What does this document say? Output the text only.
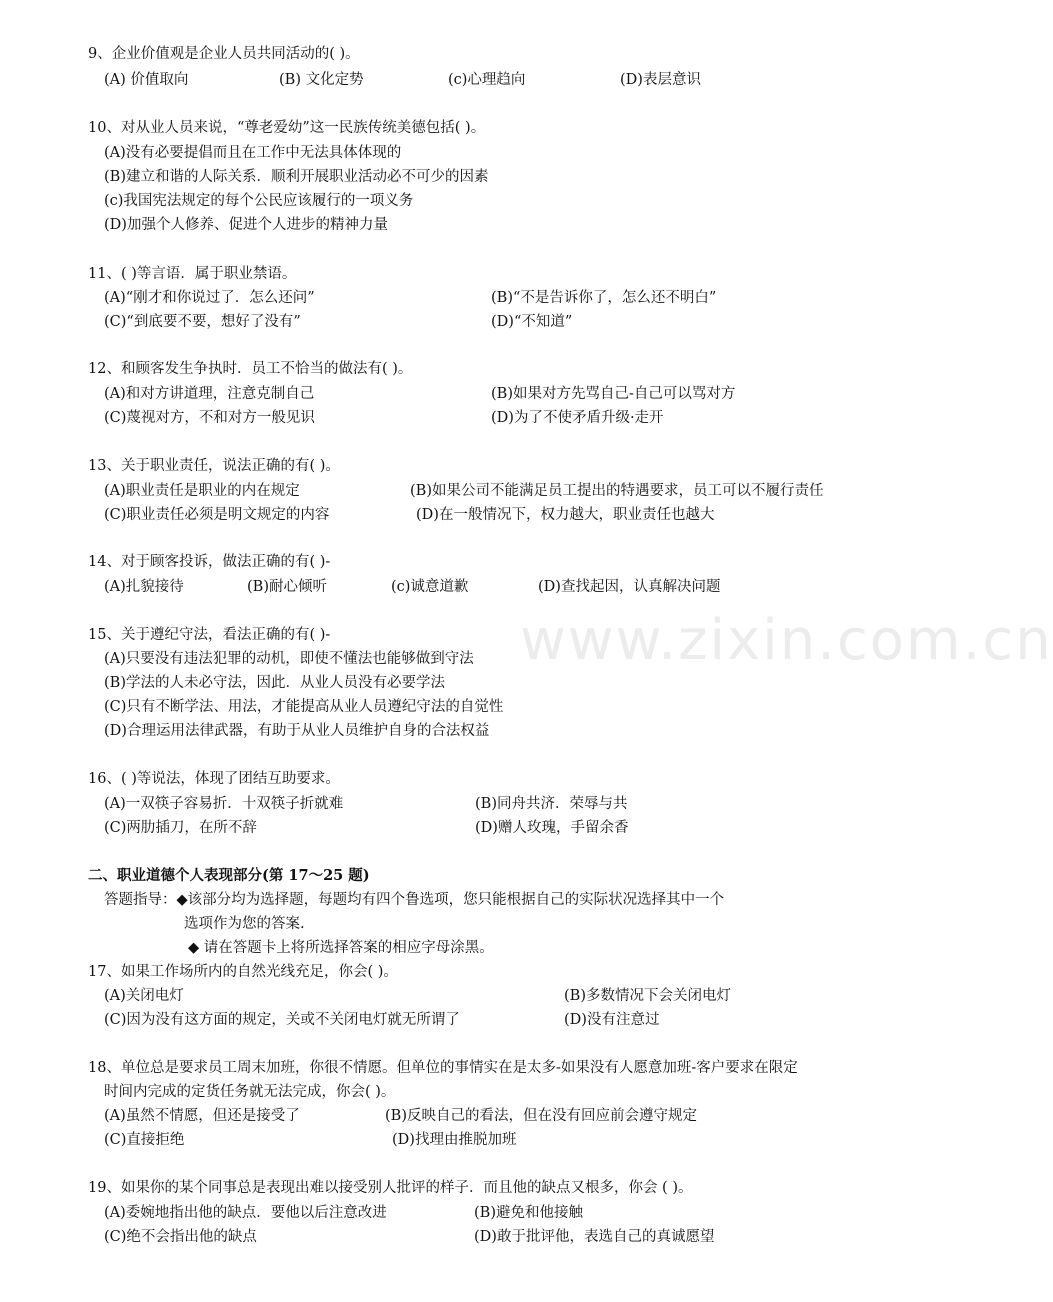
www.zixin.com.cn
9、企业价值观是企业人员共同活动的( )。
(A) 价值取向	(B) 文化定势	(c)心理趋向	(D)表层意识
10、对从业人员来说，“尊老爱幼”这一民族传统美德包括( )。
(A)没有必要提倡而且在工作中无法具体体现的
(B)建立和谐的人际关系．顺利开展职业活动必不可少的因素
(c)我国宪法规定的每个公民应该履行的一项义务
(D)加强个人修养、促进个人进步的精神力量
11、( )等言语．属于职业禁语。
(A)“刚才和你说过了．怎么还问”	(B)“不是告诉你了，怎么还不明白”
(C)“到底要不要，想好了没有”	(D)“不知道”
12、和顾客发生争执时．员工不恰当的做法有( )。
(A)和对方讲道理，注意克制自己	(B)如果对方先骂自己-自己可以骂对方
(C)蔑视对方，不和对方一般见识	(D)为了不使矛盾升级·走开
13、关于职业责任，说法正确的有( )。
(A)职业责任是职业的内在规定	(B)如果公司不能满足员工提出的特遇要求，员工可以不履行责任
(C)职业责任必须是明文规定的内容	(D)在一般情况下，权力越大，职业责任也越大
14、对于顾客投诉，做法正确的有( )-
(A)扎貌接待	(B)耐心倾听	(c)诚意道歉	(D)查找起因，认真解决问题
15、关于遵纪守法，看法正确的有( )-
(A)只要没有违法犯罪的动机，即使不懂法也能够做到守法
(B)学法的人未必守法，因此．从业人员没有必要学法
(C)只有不断学法、用法，才能提高从业人员遵纪守法的自觉性
(D)合理运用法律武器，有助于从业人员维护自身的合法权益
16、( )等说法，体现了团结互助要求。
(A)一双筷子容易折．十双筷子折就难	(B)同舟共济．荣辱与共
(C)两肋插刀，在所不辞	(D)赠人玫瑰，手留余香
二、职业道德个人表现部分(第 17～25 题)
答题指导：◆该部分均为选择题，每题均有四个鲁选项，您只能根据自己的实际状况选择其中一个
选项作为您的答案.
◆ 请在答题卡上将所选择答案的相应字母涂黑。
17、如果工作场所内的自然光线充足，你会( )。
(A)关闭电灯	(B)多数情况下会关闭电灯
(C)因为没有这方面的规定，关或不关闭电灯就无所谓了	(D)没有注意过
18、单位总是要求员工周末加班，你很不情愿。但单位的事情实在是太多-如果没有人愿意加班-客户要求在限定
时间内完成的定货任务就无法完成，你会( )。
(A)虽然不情愿，但还是接受了	(B)反映自己的看法，但在没有回应前会遵守规定
(C)直接拒绝	(D)找理由推脱加班
19、如果你的某个同事总是表现出难以接受别人批评的样子．而且他的缺点又根多，你会 ( )。
(A)委婉地指出他的缺点．要他以后注意改进	(B)避免和他接触
(C)绝不会指出他的缺点	(D)敢于批评他，表选自己的真诚愿望
